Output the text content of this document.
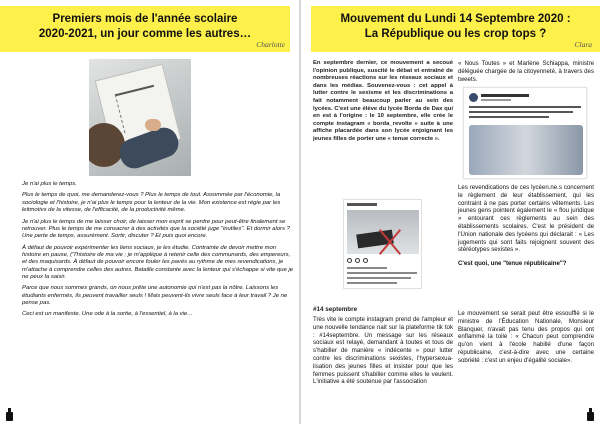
Premiers mois de l'année scolaire
2020-2021, un jour comme les autres…
Charlotte

Je n'ai plus le temps.

Plus le temps de quoi, me demanderez-vous ? Plus le temps de tout. Assommée par l'économie, la sociologie et l'histoire, je n'ai plus le temps pour la lenteur de la vie. Mon existence est régie par les leitmotivs de la vitesse, de l'efficacité, de la productivité même.

Je n'ai plus le temps de me laisser choir, de laisser mon esprit se perdre pour peut-être finalement se retrouver. Plus le temps de me consacrer à des activités que la société juge "inutiles". Et dormir alors ? Une perte de temps, assurément. Sortir, discuter ? Et puis quoi encore.

À défaut de pouvoir expérimenter les liens sociaux, je les étudie. Contrainte de devoir mettre mon histoire en pause, ("l'histoire de ma vie ; je m'applique à retenir celle des communards, des empereurs, et des maquisards. À défaut de pouvoir encore fouler les pavés au rythme de mes revendications, je m'attache à comprendre celles des autres. Bataille constante avec la lenteur qui s'échappe si vite que je ne peux la saisir.

Parce que nous sommes grands, on nous prête une autonomie qui n'est pas la nôtre. Laissons les étudiants enfermés, ils peuvent travailler seuls ! Mais peuvent-ils vivre seuls face à leur travail ? Je ne pense pas.

Ceci est un manifeste. Une ode à la sortie, à l'essentiel, à la vie…

Mouvement du Lundi 14 Septembre 2020 :
La République ou les crop tops ?
Clara
En septembre dernier, ce mouvement a secoué l'opinion publique, suscité le débat et entraîné de nombreuses réactions sur les réseaux sociaux et dans les médias. Souvenez-vous : cet appel à lutter contre le sexisme et les discriminations a fait notamment beaucoup parler au sein des lycées. C'est une élève du lycée Borda de Dax qui en est à l'origine : le 10 septembre, elle crée le compte instagram « borda_revolte » suite à une affiche placardée dans son lycée enjoignant les jeunes filles de porter une « tenue correcte ».
« Nous Toutes » et Marlène Schiappa, ministre déléguée chargée de la citoyenneté, à travers des tweets.

Les revendications de ces lycéen.ne.s concernent le règlement de leur établissement, qui les contraint à ne pas porter certains vêtements. Les jeunes gens pointent également le « flou juridique » entourant ces règlements au sein des établissements scolaires. C'est le président de l'Union nationale des lycéens qui déclarait : « Les jugements qui sont faits rejoignent souvent des stéréotypes sexistes ».

C'est quoi, une "tenue républicaine"?

Le mouvement se serait peut être essoufflé si le ministre de l'Éducation Nationale, Monsieur Blanquer, n'avait pas tenu des propos qui ont enflammé la toile : « Chacun peut comprendre qu'on vient à l'école habillé d'une façon républicaine, c'est-à-dire avec une certaine sobriété : c'est un enjeu d'égalité sociale».
#14 septembre
Très vite le compte instagram prend de l'ampleur et une nouvelle tendance nait sur la plateforme tik tok : #14septembre. Un message sur les réseaux sociaux est relayé, demandant à toutes et tous de s'habiller de manière « indécente » pour lutter contre les discriminations sexistes, l'hypersexua- lisation des jeunes filles et insister pour que les femmes puissent s'habiller comme elles le veulent. L'initiative a été soutenue par l'association
